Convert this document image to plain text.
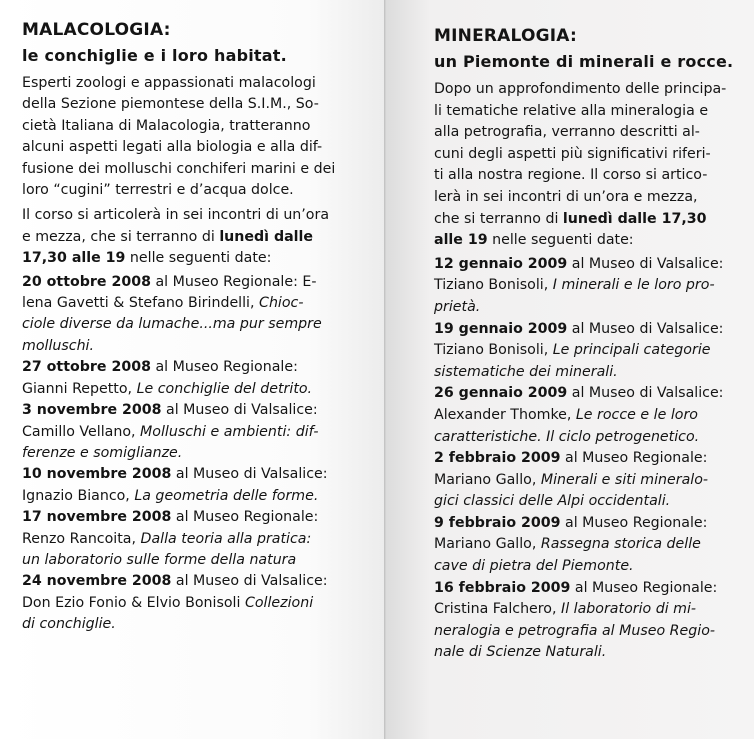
MALACOLOGIA:
le conchiglie e i loro habitat.
Esperti zoologi e appassionati malacologi
della Sezione piemontese della S.I.M., So-
cietà Italiana di Malacologia, tratteranno
alcuni aspetti legati alla biologia e alla dif-
fusione dei molluschi conchiferi marini e dei
loro “cugini” terrestri e d’acqua dolce.
Il corso si articolerà in sei incontri di un’ora
e mezza, che si terranno di lunedì dalle
17,30 alle 19 nelle seguenti date:
20 ottobre 2008 al Museo Regionale: E-
lena Gavetti & Stefano Birindelli, Chioc-
ciole diverse da lumache...ma pur sempre
molluschi.
27 ottobre 2008 al Museo Regionale:
Gianni Repetto, Le conchiglie del detrito.
3 novembre 2008 al Museo di Valsalice:
Camillo Vellano, Molluschi e ambienti: dif-
ferenze e somiglianze.
10 novembre 2008 al Museo di Valsalice:
Ignazio Bianco, La geometria delle forme.
17 novembre 2008 al Museo Regionale:
Renzo Rancoita, Dalla teoria alla pratica:
un laboratorio sulle forme della natura
24 novembre 2008 al Museo di Valsalice:
Don Ezio Fonio & Elvio Bonisoli Collezioni
di conchiglie.
MINERALOGIA:
un Piemonte di minerali e rocce.
Dopo un approfondimento delle principa-
li tematiche relative alla mineralogia e
alla petrografia, verranno descritti al-
cuni degli aspetti più significativi riferi-
ti alla nostra regione. Il corso si artico-
lerà in sei incontri di un’ora e mezza,
che si terranno di lunedì dalle 17,30
alle 19 nelle seguenti date:
12 gennaio 2009 al Museo di Valsalice:
Tiziano Bonisoli, I minerali e le loro pro-
prietà.
19 gennaio 2009 al Museo di Valsalice:
Tiziano Bonisoli, Le principali categorie
sistematiche dei minerali.
26 gennaio 2009 al Museo di Valsalice:
Alexander Thomke, Le rocce e le loro
caratteristiche. Il ciclo petrogenetico.
2 febbraio 2009 al Museo Regionale:
Mariano Gallo, Minerali e siti mineralo-
gici classici delle Alpi occidentali.
9 febbraio 2009 al Museo Regionale:
Mariano Gallo, Rassegna storica delle
cave di pietra del Piemonte.
16 febbraio 2009 al Museo Regionale:
Cristina Falchero, Il laboratorio di mi-
neralogia e petrografia al Museo Regio-
nale di Scienze Naturali.
